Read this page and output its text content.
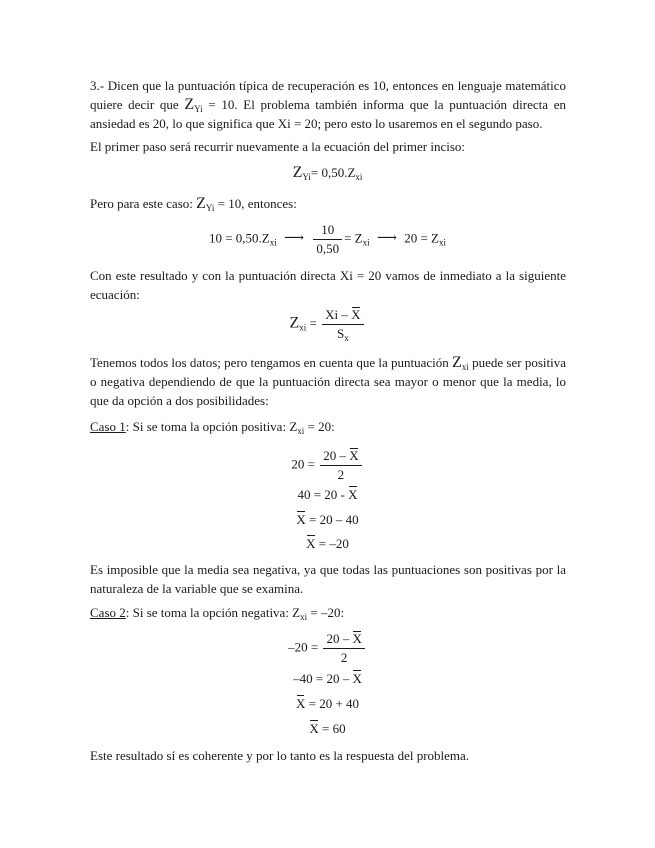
3.- Dicen que la puntuación típica de recuperación es 10, entonces en lenguaje matemático quiere decir que $Z_{Yi} = 10$. El problema también informa que la puntuación directa en ansiedad es 20, lo que significa que Xi = 20; pero esto lo usaremos en el segundo paso.
El primer paso será recurrir nuevamente a la ecuación del primer inciso:
$Z_{Yi}= 0,50.Z_{xi}$
Pero para este caso: $Z_{Yi} = 10$, entonces:
$10 = 0,50.Z_{xi}$ ⟶ $\frac{10}{0,50} = Z_{xi}$ ⟶ $20 = Z_{xi}$
Con este resultado y con la puntuación directa Xi = 20 vamos de inmediato a la siguiente ecuación:
$Z_{xi} = \frac{Xi - X}{S_x}$
Tenemos todos los datos; pero tengamos en cuenta que la puntuación $Z_{xi}$ puede ser positiva o negativa dependiendo de que la puntuación directa sea mayor o menor que la media, lo que da opción a dos posibilidades:
Caso 1: Si se toma la opción positiva: $Z_{xi} = 20$:
$20 = \frac{20 - X}{2}$
40 = 20 - X
X = 20 – 40
X = –20
Es imposible que la media sea negativa, ya que todas las puntuaciones son positivas por la naturaleza de la variable que se examina.
Caso 2: Si se toma la opción negativa: $Z_{xi} = -20$:
$-20 = \frac{20 - X}{2}$
–40 = 20 – X
X = 20 + 40
X = 60
Este resultado sí es coherente y por lo tanto es la respuesta del problema.
